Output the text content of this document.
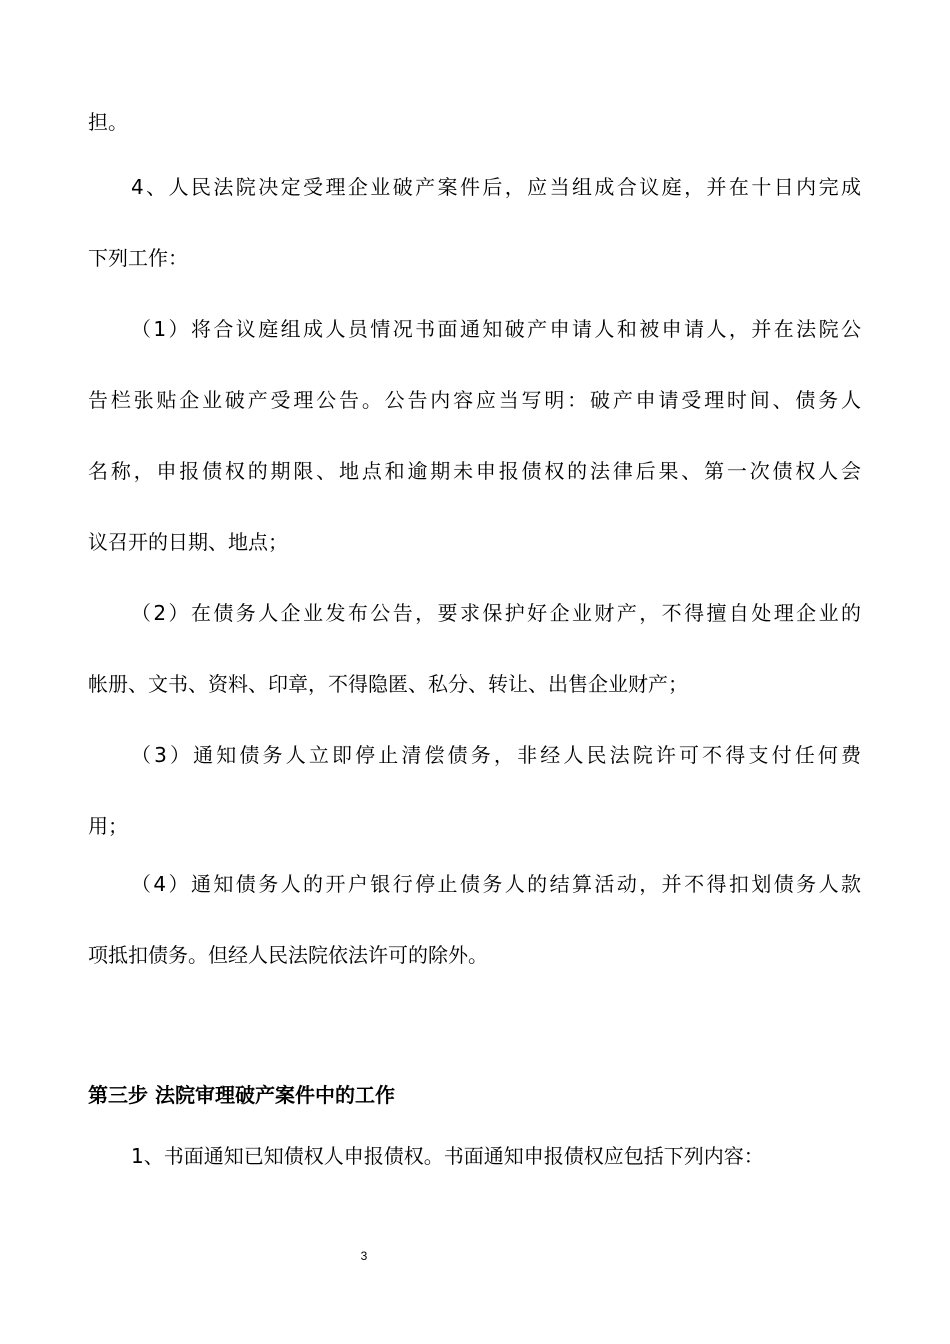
担。
4、人民法院决定受理企业破产案件后，应当组成合议庭，并在十日内完成
下列工作：
（1）将合议庭组成人员情况书面通知破产申请人和被申请人，并在法院公
告栏张贴企业破产受理公告。公告内容应当写明：破产申请受理时间、债务人
名称，申报债权的期限、地点和逾期未申报债权的法律后果、第一次债权人会
议召开的日期、地点；
（2）在债务人企业发布公告，要求保护好企业财产，不得擅自处理企业的
帐册、文书、资料、印章，不得隐匿、私分、转让、出售企业财产；
（3）通知债务人立即停止清偿债务，非经人民法院许可不得支付任何费
用；
（4）通知债务人的开户银行停止债务人的结算活动，并不得扣划债务人款
项抵扣债务。但经人民法院依法许可的除外。
第三步 法院审理破产案件中的工作
1、书面通知已知债权人申报债权。书面通知申报债权应包括下列内容：
3
